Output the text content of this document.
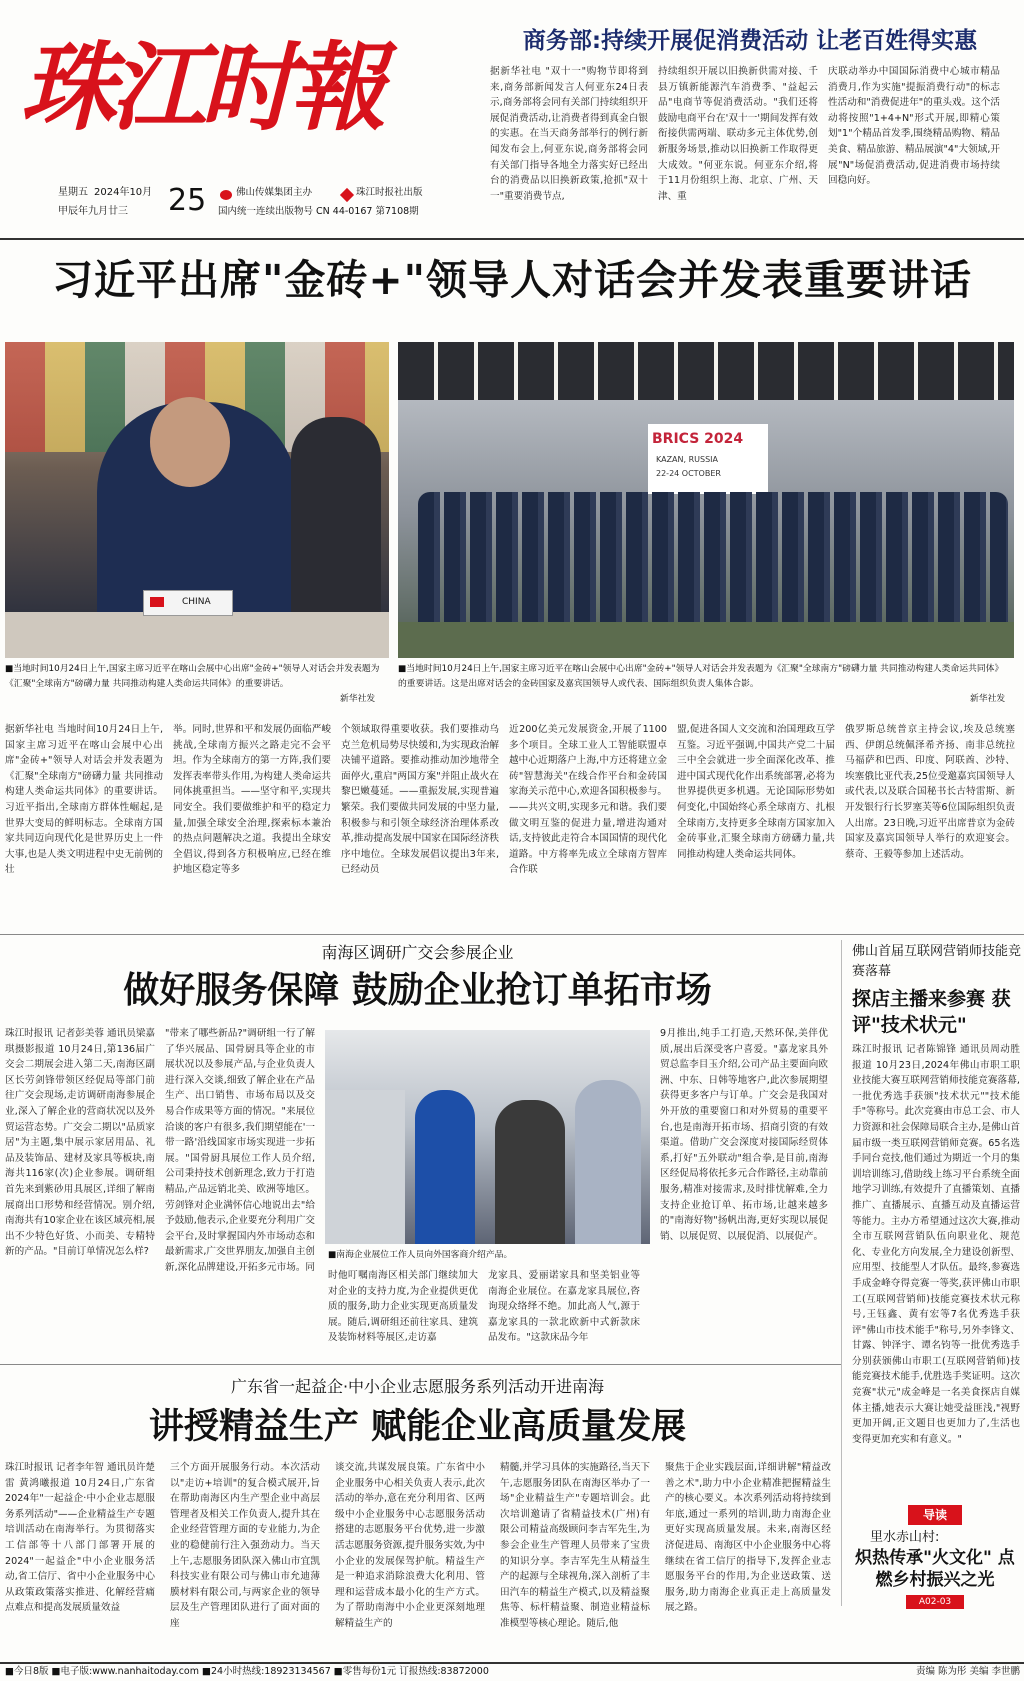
珠江时報
星期五 2024年10月
甲辰年九月廿三 25	佛山传媒集团主办	珠江时报社出版
国内统一连续出版物号 CN 44-0167 第7108期
商务部:持续开展促消费活动 让老百姓得实惠
据新华社电 "双十一"购物节即将到来,商务部新闻发言人何亚东24日表示,商务部将会同有关部门持续组织开展促消费活动,让消费者得到真金白银的实惠。在当天商务部举行的例行新闻发布会上,何亚东说,商务部将会同有关部门指导各地全力落实好已经出台的消费品以旧换新政策,抢抓"双十一"重要消费节点,
持续组织开展以旧换新供需对接、千县万镇新能源汽车消费季、"益起云品"电商节等促消费活动。"我们还将鼓励电商平台在'双十一'期间发挥有效衔接供需两端、联动多元主体优势,创新服务场景,推动以旧换新工作取得更大成效。"何亚东说。何亚东介绍,将于11月份组织上海、北京、广州、天津、重
庆联动举办中国国际消费中心城市精品消费月,作为实施"提振消费行动"的标志性活动和"消费促进年"的重头戏。这个活动将按照"1+4+N"形式开展,即精心策划"1"个精品首发季,围绕精品购物、精品美食、精品旅游、精品展演"4"大领域,开展"N"场促消费活动,促进消费市场持续回稳向好。
习近平出席"金砖+"领导人对话会并发表重要讲话
CHINA
BRICS 2024
KAZAN, RUSSIA
22-24 OCTOBER
■当地时间10月24日上午,国家主席习近平在喀山会展中心出席"金砖+"领导人对话会并发表题为《汇聚"全球南方"磅礴力量 共同推动构建人类命运共同体》的重要讲话。
新华社发
■当地时间10月24日上午,国家主席习近平在喀山会展中心出席"金砖+"领导人对话会并发表题为《汇聚"全球南方"磅礴力量 共同推动构建人类命运共同体》的重要讲话。这是出席对话会的金砖国家及嘉宾国领导人或代表、国际组织负责人集体合影。
新华社发
据新华社电 当地时间10月24日上午,国家主席习近平在喀山会展中心出席"金砖+"领导人对话会并发表题为《汇聚"全球南方"磅礴力量 共同推动构建人类命运共同体》的重要讲话。习近平指出,全球南方群体性崛起,是世界大变局的鲜明标志。全球南方国家共同迈向现代化是世界历史上一件大事,也是人类文明进程中史无前例的壮
举。同时,世界和平和发展仍面临严峻挑战,全球南方振兴之路走完不会平坦。作为全球南方的第一方阵,我们要发挥表率带头作用,为构建人类命运共同体挑重担当。——坚守和平,实现共同安全。我们要做维护和平的稳定力量,加强全球安全治理,探索标本兼治的热点问题解决之道。我提出全球安全倡议,得到各方积极响应,已经在维护地区稳定等多
个领域取得重要收获。我们要推动乌克兰危机局势尽快缓和,为实现政治解决铺平道路。要推动推动加沙地带全面停火,重启"两国方案"并阻止战火在黎巴嫩蔓延。——重振发展,实现普遍繁荣。我们要做共同发展的中坚力量,积极参与和引领全球经济治理体系改革,推动提高发展中国家在国际经济秩序中地位。全球发展倡议提出3年来,已经动员
近200亿美元发展资金,开展了1100多个项目。全球工业人工智能联盟卓越中心近期落户上海,中方还将建立金砖"智慧海关"在线合作平台和金砖国家海关示范中心,欢迎各国积极参与。——共兴文明,实现多元和谐。我们要做文明互鉴的促进力量,增进沟通对话,支持彼此走符合本国国情的现代化道路。中方将率先成立全球南方智库合作联
盟,促进各国人文交流和治国理政互学互鉴。习近平强调,中国共产党二十届三中全会就进一步全面深化改革、推进中国式现代化作出系统部署,必将为世界提供更多机遇。无论国际形势如何变化,中国始终心系全球南方、扎根全球南方,支持更多全球南方国家加入金砖事业,汇聚全球南方磅礴力量,共同推动构建人类命运共同体。
俄罗斯总统普京主持会议,埃及总统塞西、伊朗总统佩泽希齐扬、南非总统拉马福萨和巴西、印度、阿联酋、沙特、埃塞俄比亚代表,25位受邀嘉宾国领导人或代表,以及联合国秘书长古特雷斯、新开发银行行长罗塞芙等6位国际组织负责人出席。23日晚,习近平出席普京为金砖国家及嘉宾国领导人举行的欢迎宴会。蔡奇、王毅等参加上述活动。
南海区调研广交会参展企业
做好服务保障 鼓励企业抢订单拓市场
珠江时报讯 记者彭美蓉 通讯员梁嘉琪摄影报道 10月24日,第136届广交会二期展会进入第二天,南海区副区长劳剑锋带领区经促局等部门前往广交会现场,走访调研南海参展企业,深入了解企业的营商状况以及外贸运营态势。广交会二期以"品质家居"为主题,集中展示家居用品、礼品及装饰品、建材及家具等板块,南海共116家(次)企业参展。调研组首先来到紫砂用具展区,详细了解南展商出口形势和经营情况。别介绍,南海共有10家企业在该区域亮相,展出不少特色好货、小而美、专精特新的产品。"目前订单情况怎么样?
"带来了哪些新品?"调研组一行了解了华兴展品、国骨厨具等企业的市展状况以及参展产品,与企业负责人进行深入交谈,细致了解企业在产品生产、出口销售、市场布局以及交易合作成果等方面的情况。"来展位洽谈的客户有很多,我们期望能在'一带一路'沿线国家市场实现进一步拓展。"国骨厨具展位工作人员介绍,公司秉持技术创新理念,致力于打造精品,产品远销北美、欧洲等地区。劳剑锋对企业满怀信心地说出去"给予鼓励,他表示,企业要充分利用广交会平台,及时掌握国内外市场动态和最新需求,广交世界朋友,加强自主创新,深化品牌建设,开拓多元市场。同
■南海企业展位工作人员向外国客商介绍产品。
时他叮嘱南海区相关部门继续加大对企业的支持力度,为企业提供更优质的服务,助力企业实现更高质量发展。随后,调研组还前往家具、建筑及装饰材料等展区,走访嘉
龙家具、爱丽诺家具和坚美铝业等南海企业展位。在嘉龙家具展位,咨询现众络绎不绝。加此高人气,源于嘉龙家具的一款北欧新中式新款床品发布。"这款床品今年
9月推出,纯手工打造,天然环保,美伴优质,展出后深受客户喜爱。"嘉龙家具外贸总监李目玉介绍,公司产品主要面向欧洲、中东、日韩等地客户,此次参展期望获得更多客户与订单。广交会是我国对外开放的重要窗口和对外贸易的重要平台,也是南海开拓市场、招商引资的有效渠道。借助广交会深度对接国际经贸体系,打好"五外联动"组合拳,是目前,南海区经促局将依托多元合作路径,主动靠前服务,精准对接需求,及时排忧解难,全力支持企业抢订单、拓市场,让越来越多的"南海好物"扬帆出海,更好实现以展促销、以展促贸、以展促消、以展促产。
佛山首届互联网营销师技能竞赛落幕
探店主播来参赛 获评"技术状元"
珠江时报讯 记者陈锦锋 通讯员周动胜报道 10月23日,2024年佛山市职工职业技能大赛互联网营销师技能竞赛落幕,一批优秀选手获颁"技术状元""技术能手"等称号。此次竞赛由市总工会、市人力资源和社会保障局联合主办,是佛山首届市级一类互联网营销师竞赛。65名选手同台竞技,他们通过为期近一个月的集训培训练习,借助线上练习平台系统全面地学习训练,有效提升了直播策划、直播推广、直播展示、直播互动及直播运营等能力。主办方希望通过这次大赛,推动全市互联网营销队伍向职业化、规范化、专业化方向发展,全力建设创新型、应用型、技能型人才队伍。最终,参赛选手成金峰夺得竞赛一等奖,获评佛山市职工(互联网营销师)技能竞赛技术状元称号,王钰鑫、黄有宏等7名优秀选手获评"佛山市技术能手"称号,另外李锋文、甘露、钟泽宇、谭名钧等一批优秀选手分别获颁佛山市职工(互联网营销师)技能竞赛技术能手,优胜选手奖证明。这次竞赛"状元"成金峰是一名美食探店自媒体主播,她表示大赛让她受益匪浅,"视野更加开阔,正文题目也更加力了,生活也变得更加充实和有意义。"
导读
里水赤山村:
炽热传承"火文化" 点燃乡村振兴之光
A02-03
广东省一起益企·中小企业志愿服务系列活动开进南海
讲授精益生产 赋能企业高质量发展
珠江时报讯 记者李年智 通讯员许楚雷 黄鸿曦报道 10月24日,广东省2024年"一起益企·中小企业志愿服务系列活动"——企业精益生产专题培训活动在南海举行。为贯彻落实工信部等十八部门部署开展的2024"一起益企"中小企业服务活动,省工信厅、省中小企业服务中心从政策政策落实推进、化解经营痛点难点和提高发展质量效益
三个方面开展服务行动。本次活动以"走访+培训"的复合模式展开,旨在帮助南海区内生产型企业中高层管理者及相关工作负责人,提升其在企业经营管理方面的专业能力,为企业的稳健前行注入强劲动力。当天上午,志愿服务团队深入佛山市宜凯科技实业有限公司与佛山市允迪薄膜材料有限公司,与两家企业的领导层及生产管理团队进行了面对面的座
谈交流,共谋发展良策。广东省中小企业服务中心相关负责人表示,此次活动的举办,意在充分利用省、区两级中小企业服务中心志愿服务活动搭建的志愿服务平台优势,进一步激活志愿服务资源,提升服务实效,为中小企业的发展保驾护航。精益生产是一种追求消除浪费大化利用、管理和运营成本最小化的生产方式。为了帮助南海中小企业更深刻地理解精益生产的
精髓,并学习具体的实施路径,当天下午,志愿服务团队在南海区举办了一场"企业精益生产"专题培训会。此次培训邀请了省精益技术(广州)有限公司精益高级顾问李吉军先生,为参会企业生产管理人员带来了宝贵的知识分享。李吉军先生从精益生产的起源与全球视角,深入剖析了丰田汽车的精益生产模式,以及精益聚焦等、标杆精益聚、制造业精益标准模型等核心理论。随后,他
聚焦于企业实践层面,详细讲解"精益改善之术",助力中小企业精准把握精益生产的核心要义。本次系列活动将持续到年底,通过一系列的培训,助力南海企业更好实现高质量发展。未来,南海区经济促进局、南海区中小企业服务中心将继续在省工信厅的指导下,发挥企业志愿服务平台的作用,为企业送政策、送服务,助力南海企业真正走上高质量发展之路。
■今日8版 ■电子版:www.nanhaitoday.com ■24小时热线:18923134567 ■零售每份1元 订报热线:83872000	责编 陈为彤 美编 李世鹏
